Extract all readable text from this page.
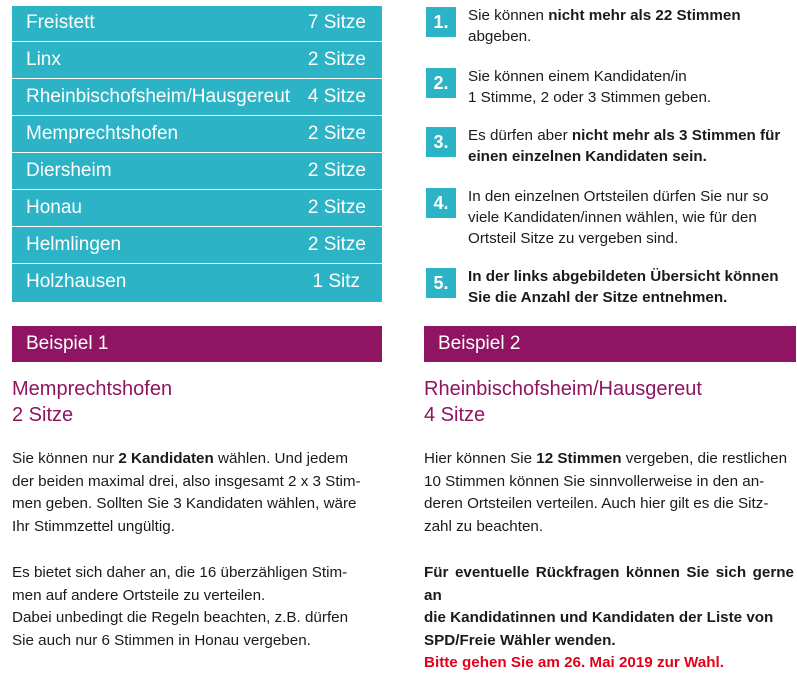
Freistett	7 Sitze
Linx	2 Sitze
Rheinbischofsheim/Hausgereut 4 Sitze
Memprechtshofen	2 Sitze
Diersheim	2 Sitze
Honau	2 Sitze
Helmlingen	2 Sitze
Holzhausen	1 Sitz
1.	Sie können nicht mehr als 22 Stimmen
abgeben.
2.	Sie können einem Kandidaten/in
1 Stimme, 2 oder 3 Stimmen geben.
3.	Es dürfen aber nicht mehr als 3 Stimmen für
einen einzelnen Kandidaten sein.
4.	In den einzelnen Ortsteilen dürfen Sie nur so
viele Kandidaten/innen wählen, wie für den
Ortsteil Sitze zu vergeben sind.
5.	In der links abgebildeten Übersicht können
Sie die Anzahl der Sitze entnehmen.
Beispiel 1
Memprechtshofen
2 Sitze
Sie können nur 2 Kandidaten wählen. Und jedem
der beiden maximal drei, also insgesamt 2 x 3 Stim-
men geben. Sollten Sie 3 Kandidaten wählen, wäre
Ihr Stimmzettel ungültig.
Es bietet sich daher an, die 16 überzähligen Stim-
men auf andere Ortsteile zu verteilen.
Dabei unbedingt die Regeln beachten, z.B. dürfen
Sie auch nur 6 Stimmen in Honau vergeben.
Beispiel 2
Rheinbischofsheim/Hausgereut
4 Sitze
Hier können Sie 12 Stimmen vergeben, die restlichen
10 Stimmen können Sie sinnvollerweise in den an-
deren Ortsteilen verteilen. Auch hier gilt es die Sitz-
zahl zu beachten.
Für eventuelle Rückfragen können Sie sich gerne an
die Kandidatinnen und Kandidaten der Liste von
SPD/Freie Wähler wenden.
Bitte gehen Sie am 26. Mai 2019 zur Wahl.
